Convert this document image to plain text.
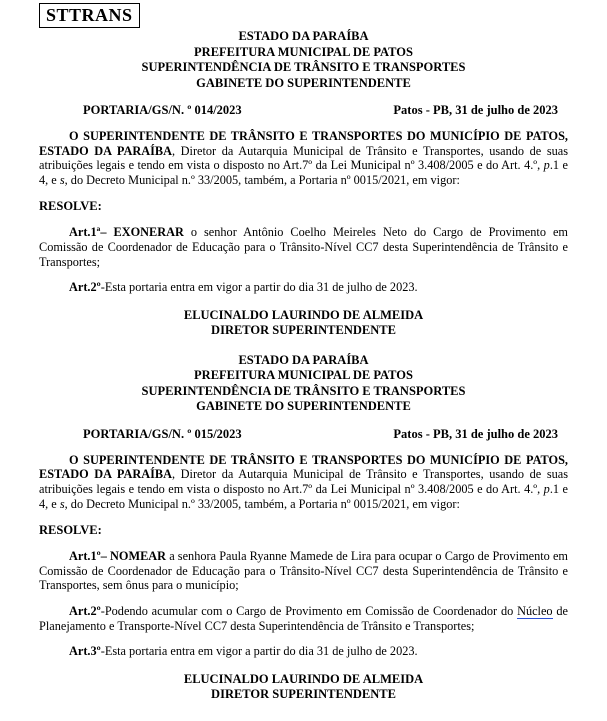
STTRANS
ESTADO DA PARAÍBA
PREFEITURA MUNICIPAL DE PATOS
SUPERINTENDÊNCIA DE TRÂNSITO E TRANSPORTES
GABINETE DO SUPERINTENDENTE
PORTARIA/GS/N. º 014/2023	Patos - PB, 31 de julho de 2023
O SUPERINTENDENTE DE TRÂNSITO E TRANSPORTES DO MUNICÍPIO DE PATOS, ESTADO DA PARAÍBA, Diretor da Autarquia Municipal de Trânsito e Transportes, usando de suas atribuições legais e tendo em vista o disposto no Art.7º da Lei Municipal nº 3.408/2005 e do Art. 4.º, p.1 e 4, e s, do Decreto Municipal n.º 33/2005, também, a Portaria nº 0015/2021, em vigor:
RESOLVE:
Art.1ª– EXONERAR o senhor Antônio Coelho Meireles Neto do Cargo de Provimento em Comissão de Coordenador de Educação para o Trânsito-Nível CC7 desta Superintendência de Trânsito e Transportes;
Art.2º-Esta portaria entra em vigor a partir do dia 31 de julho de 2023.
ELUCINALDO LAURINDO DE ALMEIDA
DIRETOR SUPERINTENDENTE
ESTADO DA PARAÍBA
PREFEITURA MUNICIPAL DE PATOS
SUPERINTENDÊNCIA DE TRÂNSITO E TRANSPORTES
GABINETE DO SUPERINTENDENTE
PORTARIA/GS/N. º 015/2023	Patos - PB, 31 de julho de 2023
O SUPERINTENDENTE DE TRÂNSITO E TRANSPORTES DO MUNICÍPIO DE PATOS, ESTADO DA PARAÍBA, Diretor da Autarquia Municipal de Trânsito e Transportes, usando de suas atribuições legais e tendo em vista o disposto no Art.7º da Lei Municipal nº 3.408/2005 e do Art. 4.º, p.1 e 4, e s, do Decreto Municipal n.º 33/2005, também, a Portaria nº 0015/2021, em vigor:
RESOLVE:
Art.1º– NOMEAR a senhora Paula Ryanne Mamede de Lira para ocupar o Cargo de Provimento em Comissão de Coordenador de Educação para o Trânsito-Nível CC7 desta Superintendência de Trânsito e Transportes, sem ônus para o município;
Art.2º-Podendo acumular com o Cargo de Provimento em Comissão de Coordenador do Núcleo de Planejamento e Transporte-Nível CC7 desta Superintendência de Trânsito e Transportes;
Art.3º-Esta portaria entra em vigor a partir do dia 31 de julho de 2023.
ELUCINALDO LAURINDO DE ALMEIDA
DIRETOR SUPERINTENDENTE
